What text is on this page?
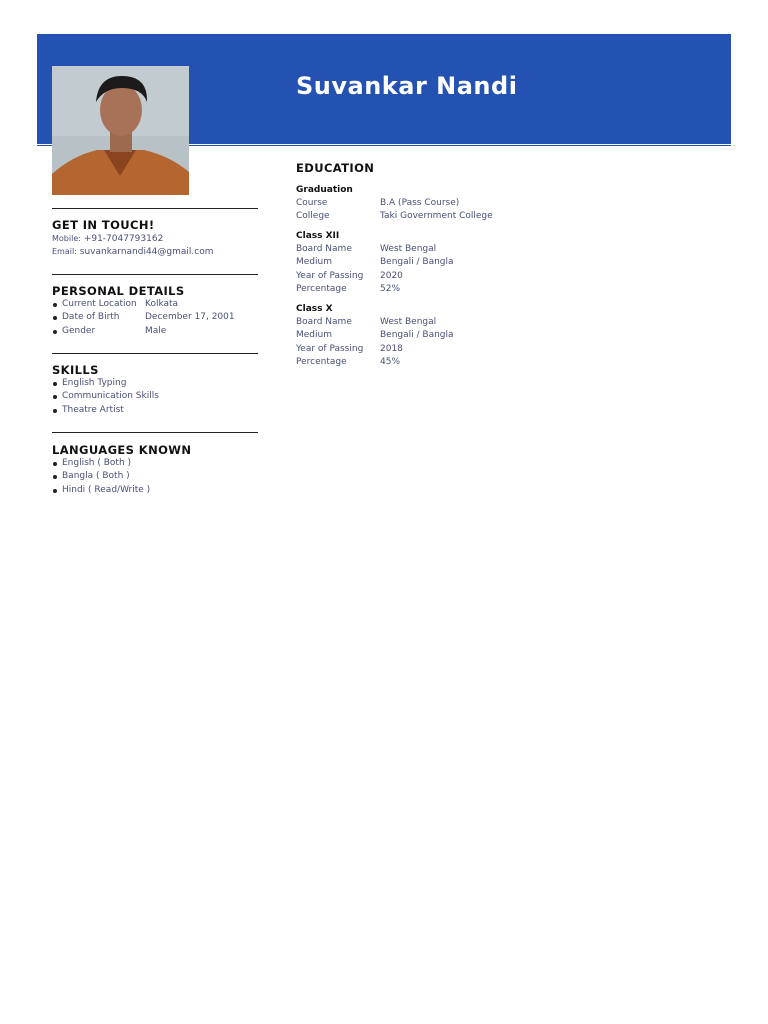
Suvankar Nandi
GET IN TOUCH!
Mobile: +91-7047793162
Email: suvankarnandi44@gmail.com
PERSONAL DETAILS
Current Location Kolkata
Date of Birth	December 17, 2001
Gender	Male
SKILLS
English Typing
Communication Skills
Theatre Artist
LANGUAGES KNOWN
English ( Both )
Bangla ( Both )
Hindi ( Read/Write )
EDUCATION
Graduation
Course	B.A (Pass Course)
College	Taki Government College
Class XII
Board Name	West Bengal
Medium	Bengali / Bangla
Year of Passing 2020
Percentage	52%
Class X
Board Name	West Bengal
Medium	Bengali / Bangla
Year of Passing 2018
Percentage	45%
